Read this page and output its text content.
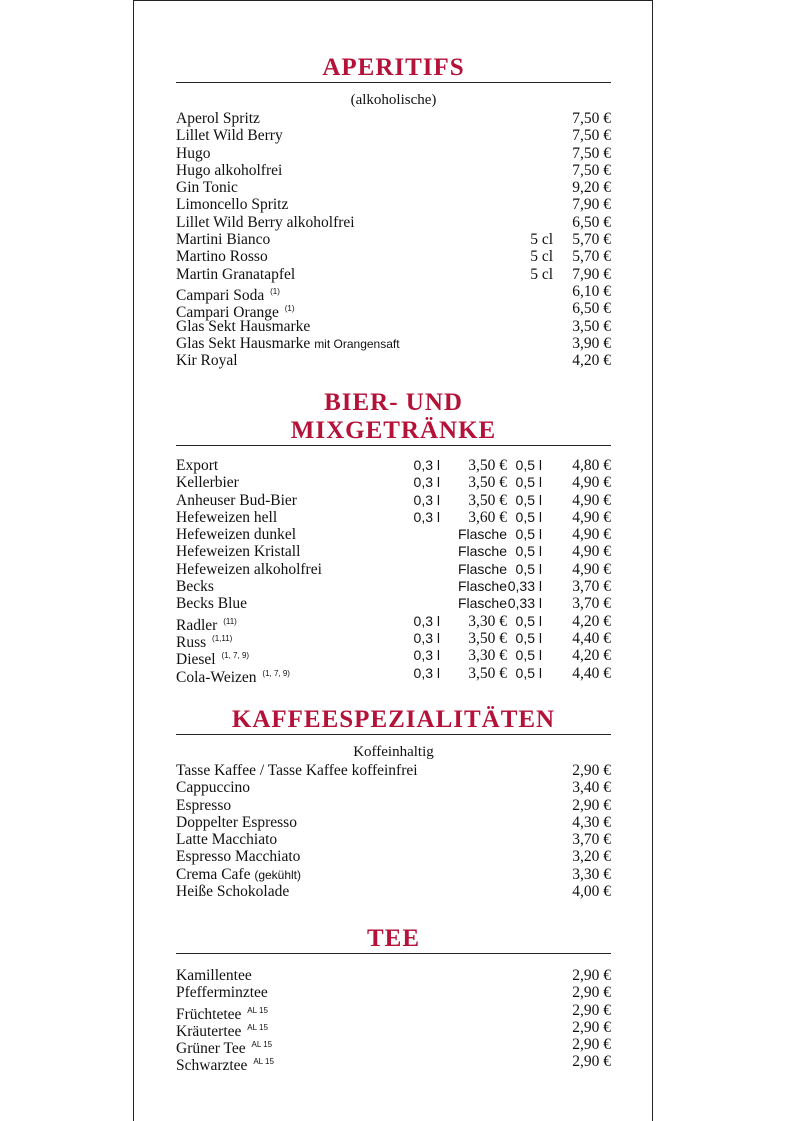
APERITIFS
(alkoholische)
Aperol Spritz	7,50 €
Lillet Wild Berry	7,50 €
Hugo	7,50 €
Hugo alkoholfrei	7,50 €
Gin Tonic	9,20 €
Limoncello Spritz	7,90 €
Lillet Wild Berry alkoholfrei	6,50 €
Martini Bianco	5 cl 5,70 €
Martino Rosso	5 cl 5,70 €
Martin Granatapfel	5 cl 7,90 €
Campari Soda $^{(1)}$	6,10 €
Campari Orange $^{(1)}$	6,50 €
Glas Sekt Hausmarke	3,50 €
Glas Sekt Hausmarke mit Orangensaft	3,90 €
Kir Royal	4,20 €
BIER- UND
MIXGETRÄNKE
Export	0,3 l 3,50 € 0,5 l 4,80 €
Kellerbier	0,3 l 3,50 € 0,5 l 4,90 €
Anheuser Bud-Bier	0,3 l 3,50 € 0,5 l 4,90 €
Hefeweizen hell	0,3 l 3,60 € 0,5 l 4,90 €
Hefeweizen dunkel	Flasche 0,5 l 4,90 €
Hefeweizen Kristall	Flasche 0,5 l 4,90 €
Hefeweizen alkoholfrei	Flasche 0,5 l 4,90 €
Becks	Flasche 0,33 l 3,70 €
Becks Blue	Flasche 0,33 l 3,70 €
Radler $^{(11)}$	0,3 l 3,30 € 0,5 l 4,20 €
Russ $^{(1,11)}$	0,3 l 3,50 € 0,5 l 4,40 €
Diesel $^{(1, 7, 9)}$	0,3 l 3,30 € 0,5 l 4,20 €
Cola-Weizen $^{(1, 7, 9)}$	0,3 l 3,50 € 0,5 l 4,40 €
KAFFEESPEZIALITÄTEN
Koffeinhaltig
Tasse Kaffee / Tasse Kaffee koffeinfrei	2,90 €
Cappuccino	3,40 €
Espresso	2,90 €
Doppelter Espresso	4,30 €
Latte Macchiato	3,70 €
Espresso Macchiato	3,20 €
Crema Cafe (gekühlt)	3,30 €
Heiße Schokolade	4,00 €
TEE
Kamillentee	2,90 €
Pfefferminztee	2,90 €
Früchtetee $^{AL 15}$	2,90 €
Kräutertee $^{AL 15}$	2,90 €
Grüner Tee $^{AL 15}$	2,90 €
Schwarztee $^{AL 15}$	2,90 €
